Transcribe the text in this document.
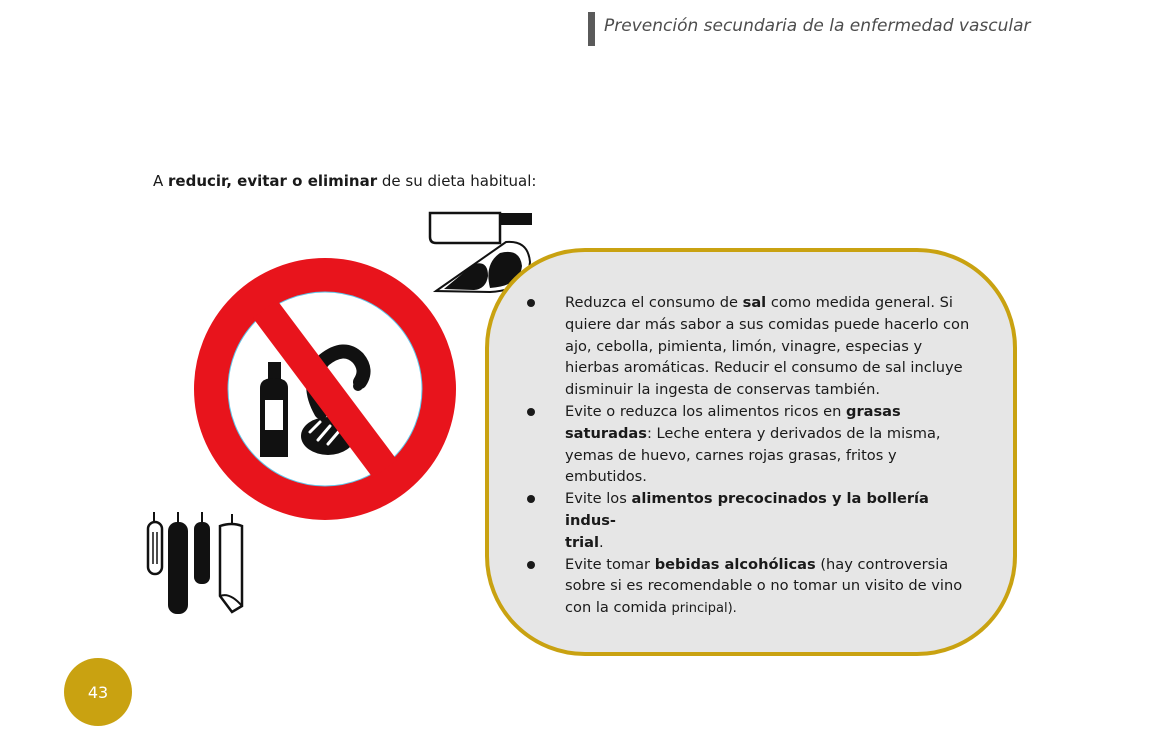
Prevención secundaria de la enfermedad vascular
A reducir, evitar o eliminar de su dieta habitual:
Reduzca el consumo de sal como medida general. Si quiere dar más sabor a sus comidas puede hacerlo con ajo, cebolla, pimienta, limón, vinagre, especias y hierbas aromáticas. Reducir el consumo de sal incluye disminuir la ingesta de conservas también.
Evite o reduzca los alimentos ricos en grasas saturadas: Leche entera y derivados de la misma, yemas de huevo, carnes rojas grasas, fritos y embutidos.
Evite los alimentos precocinados y la bollería indus-
trial.
Evite tomar bebidas alcohólicas (hay controversia sobre si es recomendable o no tomar un visito de vino con la comida principal).
43
